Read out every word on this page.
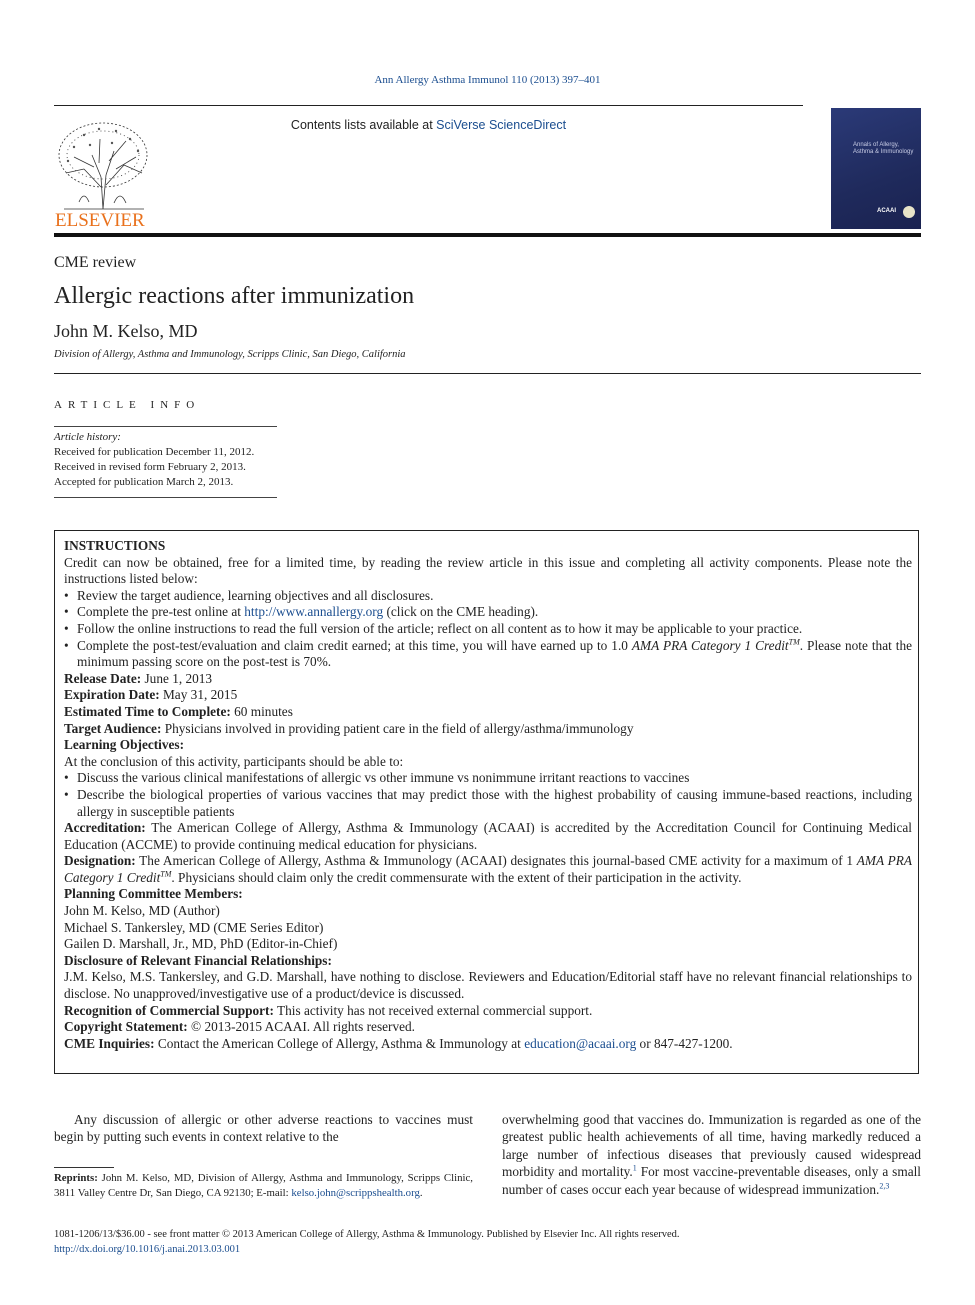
Ann Allergy Asthma Immunol 110 (2013) 397–401
ELSEVIER
Contents lists available at SciVerse ScienceDirect
Annals of Allergy, Asthma & Immunology
ACAAI
CME review
Allergic reactions after immunization
John M. Kelso, MD
Division of Allergy, Asthma and Immunology, Scripps Clinic, San Diego, California
ARTICLE INFO
Article history:
Received for publication December 11, 2012.
Received in revised form February 2, 2013.
Accepted for publication March 2, 2013.

INSTRUCTIONS

Credit can now be obtained, free for a limited time, by reading the review article in this issue and completing all activity components. Please note the instructions listed below:

• Review the target audience, learning objectives and all disclosures.
• Complete the pre-test online at http://www.annallergy.org (click on the CME heading).
• Follow the online instructions to read the full version of the article; reflect on all content as to how it may be applicable to your practice.
• Complete the post-test/evaluation and claim credit earned; at this time, you will have earned up to 1.0 AMA PRA Category 1 Credit™. Please note that the minimum passing score on the post-test is 70%.

Release Date: June 1, 2013

Expiration Date: May 31, 2015

Estimated Time to Complete: 60 minutes

Target Audience: Physicians involved in providing patient care in the field of allergy/asthma/immunology

Learning Objectives:

At the conclusion of this activity, participants should be able to:

• Discuss the various clinical manifestations of allergic vs other immune vs nonimmune irritant reactions to vaccines
• Describe the biological properties of various vaccines that may predict those with the highest probability of causing immune-based reactions, including allergy in susceptible patients

Accreditation: The American College of Allergy, Asthma & Immunology (ACAAI) is accredited by the Accreditation Council for Continuing Medical Education (ACCME) to provide continuing medical education for physicians.

Designation: The American College of Allergy, Asthma & Immunology (ACAAI) designates this journal-based CME activity for a maximum of 1 AMA PRA Category 1 Credit™. Physicians should claim only the credit commensurate with the extent of their participation in the activity.

Planning Committee Members:

John M. Kelso, MD (Author)

Michael S. Tankersley, MD (CME Series Editor)

Gailen D. Marshall, Jr., MD, PhD (Editor-in-Chief)

Disclosure of Relevant Financial Relationships:

J.M. Kelso, M.S. Tankersley, and G.D. Marshall, have nothing to disclose. Reviewers and Education/Editorial staff have no relevant financial relationships to disclose. No unapproved/investigative use of a product/device is discussed.

Recognition of Commercial Support: This activity has not received external commercial support.

Copyright Statement: © 2013-2015 ACAAI. All rights reserved.

CME Inquiries: Contact the American College of Allergy, Asthma & Immunology at education@acaai.org or 847-427-1200.

Any discussion of allergic or other adverse reactions to vaccines must begin by putting such events in context relative to the
Reprints: John M. Kelso, MD, Division of Allergy, Asthma and Immunology, Scripps Clinic, 3811 Valley Centre Dr, San Diego, CA 92130; E-mail: kelso.john@scrippshealth.org.
overwhelming good that vaccines do. Immunization is regarded as one of the greatest public health achievements of all time, having markedly reduced a large number of infectious diseases that previously caused widespread morbidity and mortality.$^1$ For most vaccine-preventable diseases, only a small number of cases occur each year because of widespread immunization.$^{2,3}$
1081-1206/13/$36.00 - see front matter © 2013 American College of Allergy, Asthma & Immunology. Published by Elsevier Inc. All rights reserved.
http://dx.doi.org/10.1016/j.anai.2013.03.001
